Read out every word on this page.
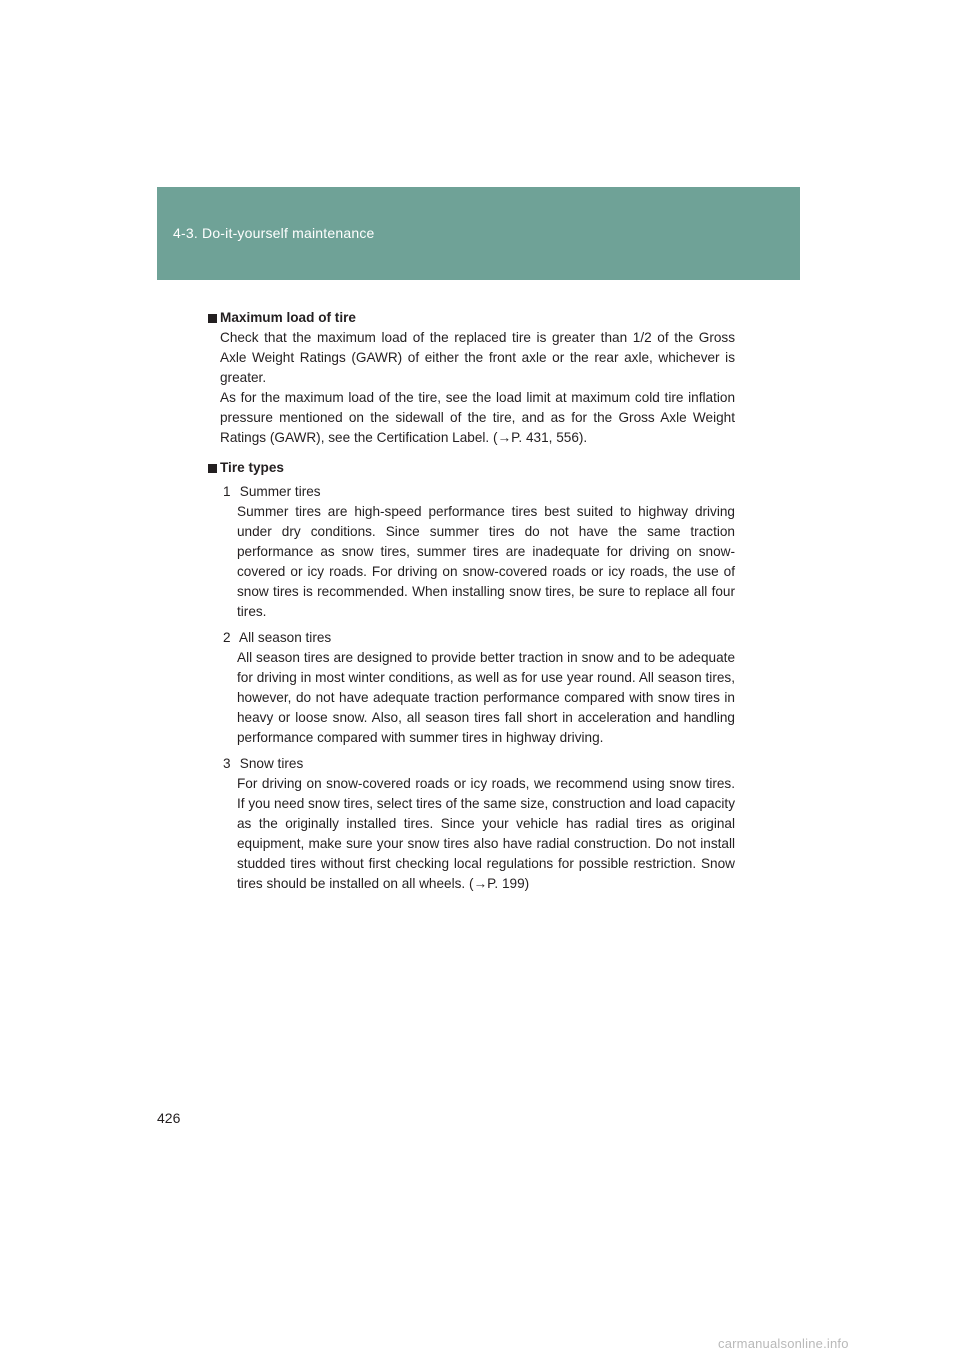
4-3. Do-it-yourself maintenance
Maximum load of tire
Check that the maximum load of the replaced tire is greater than 1/2 of the Gross Axle Weight Ratings (GAWR) of either the front axle or the rear axle, whichever is greater.
As for the maximum load of the tire, see the load limit at maximum cold tire inflation pressure mentioned on the sidewall of the tire, and as for the Gross Axle Weight Ratings (GAWR), see the Certification Label. (→P. 431, 556).
Tire types
1 Summer tires
Summer tires are high-speed performance tires best suited to highway driving under dry conditions. Since summer tires do not have the same traction performance as snow tires, summer tires are inadequate for driving on snow-covered or icy roads. For driving on snow-covered roads or icy roads, the use of snow tires is recommended. When installing snow tires, be sure to replace all four tires.
2 All season tires
All season tires are designed to provide better traction in snow and to be adequate for driving in most winter conditions, as well as for use year round. All season tires, however, do not have adequate traction performance compared with snow tires in heavy or loose snow. Also, all season tires fall short in acceleration and handling performance compared with summer tires in highway driving.
3 Snow tires
For driving on snow-covered roads or icy roads, we recommend using snow tires. If you need snow tires, select tires of the same size, construction and load capacity as the originally installed tires. Since your vehicle has radial tires as original equipment, make sure your snow tires also have radial construction. Do not install studded tires without first checking local regulations for possible restriction. Snow tires should be installed on all wheels. (→P. 199)
426
carmanualsonline.info
